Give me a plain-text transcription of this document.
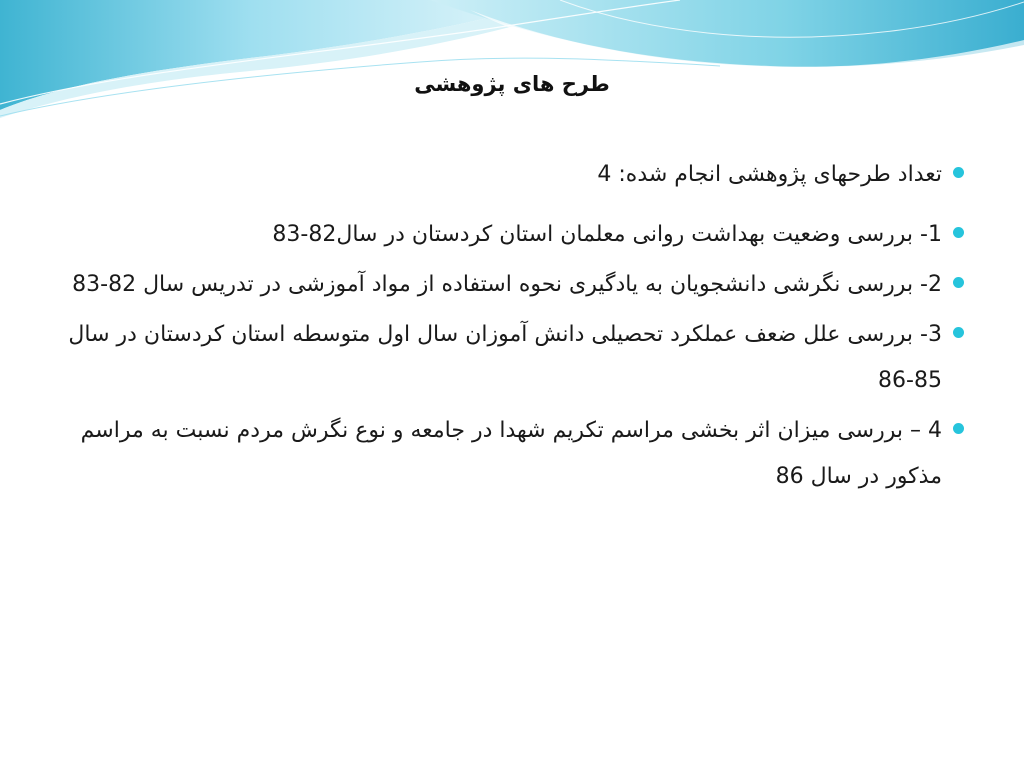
طرح های پژوهشی
تعداد طرحهای پژوهشی انجام شده: 4
1- بررسی وضعیت بهداشت روانی معلمان استان کردستان در سال82-83
2- بررسی نگرشی دانشجویان به یادگیری نحوه استفاده از مواد آموزشی در تدریس سال 82-83
3- بررسی علل ضعف عملکرد تحصیلی دانش آموزان سال اول متوسطه استان کردستان در سال 85-86
4 – بررسی میزان اثر بخشی مراسم تکریم شهدا در جامعه و نوع نگرش مردم نسبت به مراسم مذکور در سال 86
